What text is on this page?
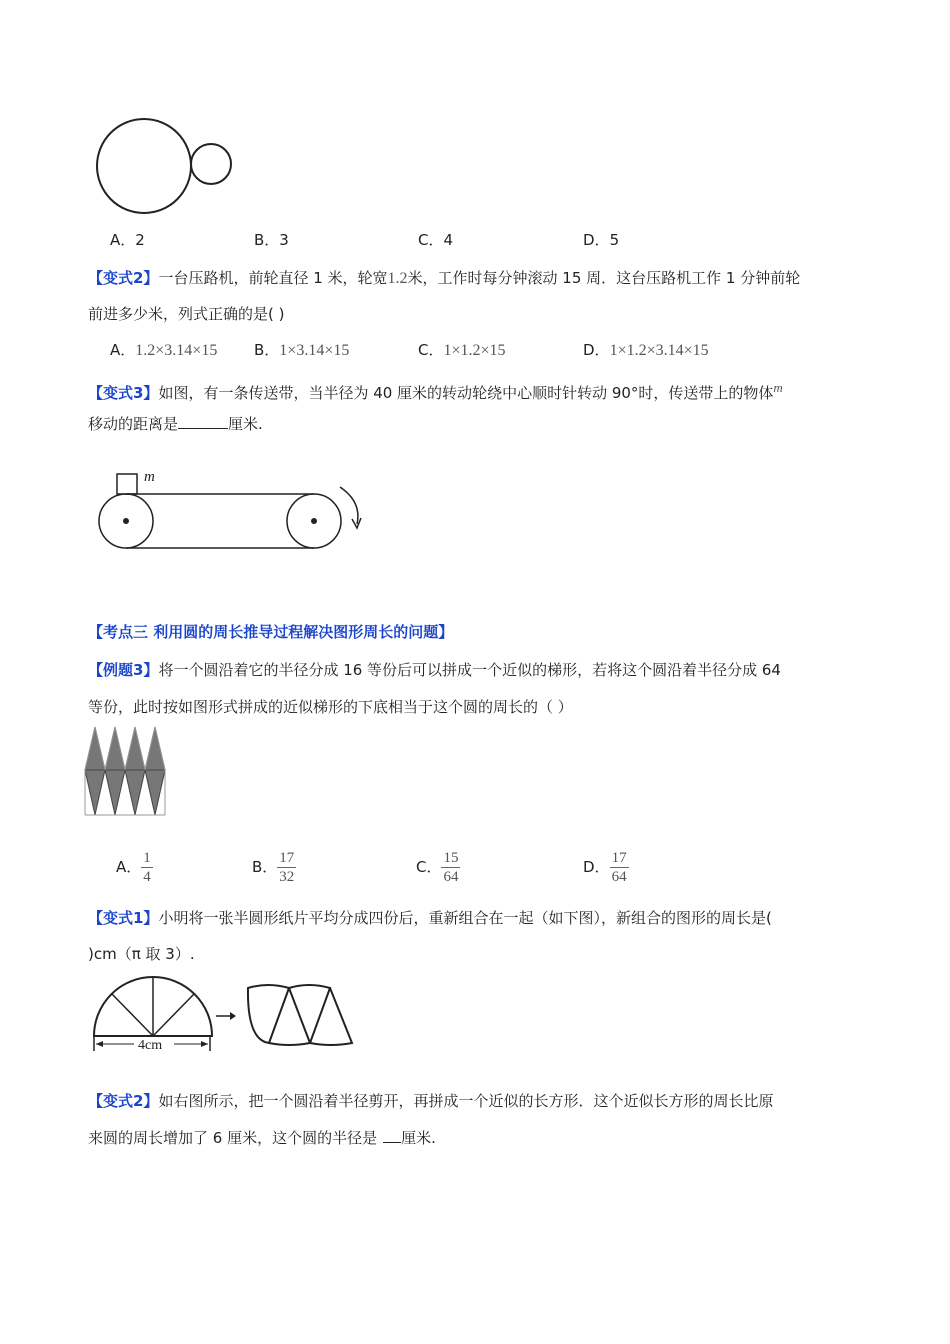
A．2	B．3	C．4	D．5
【变式2】一台压路机，前轮直径 1 米，轮宽1.2米，工作时每分钟滚动 15 周．这台压路机工作 1 分钟前轮
前进多少米，列式正确的是( )
A．1.2×3.14×15 B．1×3.14×15	C．1×1.2×15	D．1×1.2×3.14×15
【变式3】如图，有一条传送带，当半径为 40 厘米的转动轮绕中心顺时针转动 90°时，传送带上的物体m
移动的距离是	厘米.
m
【考点三 利用圆的周长推导过程解决图形周长的问题】
【例题3】将一个圆沿着它的半径分成 16 等份后可以拼成一个近似的梯形，若将这个圆沿着半径分成 64
等份，此时按如图形式拼成的近似梯形的下底相当于这个圆的周长的（ ）
A． $\frac{1}{4}$	B． $\frac{17}{32}$	C． $\frac{15}{64}$	D． $\frac{17}{64}$
【变式1】小明将一张半圆形纸片平均分成四份后，重新组合在一起（如下图），新组合的图形的周长是(
)cm（π 取 3）.
4cm
【变式2】如右图所示，把一个圆沿着半径剪开，再拼成一个近似的长方形．这个近似长方形的周长比原
来圆的周长增加了 6 厘米，这个圆的半径是 厘米.
